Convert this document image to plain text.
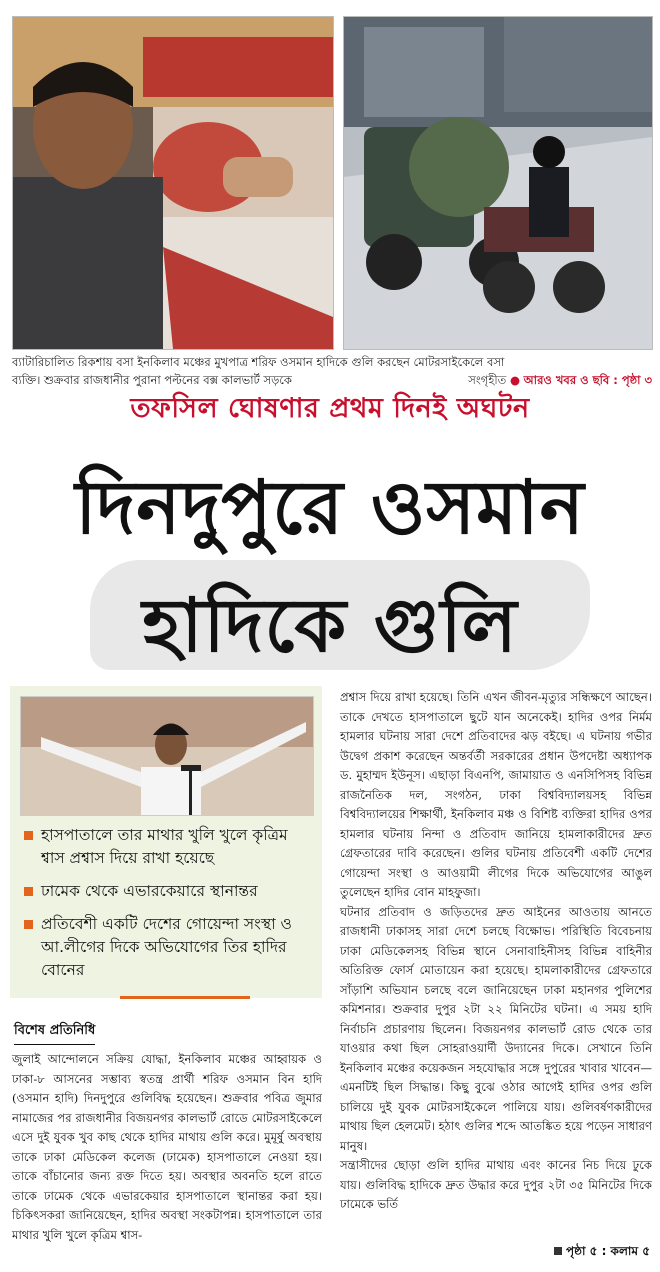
ব্যাটারিচালিত রিকশায় বসা ইনকিলাব মঞ্চের মুখপাত্র শরিফ ওসমান হাদিকে গুলি করছেন মোটরসাইকেলে বসা
ব্যক্তি। শুক্রবার রাজধানীর পুরানা পল্টনের বক্স কালভার্ট সড়কে	সংগৃহীত ● আরও খবর ও ছবি : পৃষ্ঠা ৩
তফসিল ঘোষণার প্রথম দিনই অঘটন
দিনদুপুরে ওসমান
হাদিকে গুলি
হাসপাতালে তার মাথার খুলি খুলে কৃত্রিম শ্বাস প্রশ্বাস দিয়ে রাখা হয়েছে
ঢামেক থেকে এভারকেয়ারে স্থানান্তর
প্রতিবেশী একটি দেশের গোয়েন্দা সংস্থা ও আ.লীগের দিকে অভিযোগের তির হাদির বোনের
বিশেষ প্রতিনিধি

জুলাই আন্দোলনে সক্রিয় যোদ্ধা, ইনকিলাব মঞ্চের আহ্বায়ক ও ঢাকা-৮ আসনের সম্ভাব্য স্বতন্ত্র প্রার্থী শরিফ ওসমান বিন হাদি (ওসমান হাদি) দিনদুপুরে গুলিবিদ্ধ হয়েছেন। শুক্রবার পবিত্র জুমার নামাজের পর রাজধানীর বিজয়নগর কালভার্ট রোডে মোটরসাইকেলে এসে দুই যুবক খুব কাছ থেকে হাদির মাথায় গুলি করে। মুমূর্ষু অবস্থায় তাকে ঢাকা মেডিকেল কলেজ (ঢামেক) হাসপাতালে নেওয়া হয়। তাকে বাঁচানোর জন্য রক্ত দিতে হয়। অবস্থার অবনতি হলে রাতে তাকে ঢামেক থেকে এভারকেয়ার হাসপাতালে স্থানান্তর করা হয়। চিকিৎসকরা জানিয়েছেন, হাদির অবস্থা সংকটাপন্ন। হাসপাতালে তার মাথার খুলি খুলে কৃত্রিম শ্বাস-

প্রশ্বাস দিয়ে রাখা হয়েছে। তিনি এখন জীবন-মৃত্যুর সন্ধিক্ষণে আছেন। তাকে দেখতে হাসপাতালে ছুটে যান অনেকেই। হাদির ওপর নির্মম হামলার ঘটনায় সারা দেশে প্রতিবাদের ঝড় বইছে। এ ঘটনায় গভীর উদ্বেগ প্রকাশ করেছেন অন্তর্বর্তী সরকারের প্রধান উপদেষ্টা অধ্যাপক ড. মুহাম্মদ ইউনূস। এছাড়া বিএনপি, জামায়াত ও এনসিপিসহ বিভিন্ন রাজনৈতিক দল, সংগঠন, ঢাকা বিশ্ববিদ্যালয়সহ বিভিন্ন বিশ্ববিদ্যালয়ের শিক্ষার্থী, ইনকিলাব মঞ্চ ও বিশিষ্ট ব্যক্তিরা হাদির ওপর হামলার ঘটনায় নিন্দা ও প্রতিবাদ জানিয়ে হামলাকারীদের দ্রুত গ্রেফতারের দাবি করেছেন। গুলির ঘটনায় প্রতিবেশী একটি দেশের গোয়েন্দা সংস্থা ও আওয়ামী লীগের দিকে অভিযোগের আঙুল তুলেছেন হাদির বোন মাহফুজা।

ঘটনার প্রতিবাদ ও জড়িতদের দ্রুত আইনের আওতায় আনতে রাজধানী ঢাকাসহ সারা দেশে চলছে বিক্ষোভ। পরিস্থিতি বিবেচনায় ঢাকা মেডিকেলসহ বিভিন্ন স্থানে সেনাবাহিনীসহ বিভিন্ন বাহিনীর অতিরিক্ত ফোর্স মোতায়েন করা হয়েছে। হামলাকারীদের গ্রেফতারে সাঁড়াশি অভিযান চলছে বলে জানিয়েছেন ঢাকা মহানগর পুলিশের কমিশনার। শুক্রবার দুপুর ২টা ২২ মিনিটের ঘটনা। এ সময় হাদি নির্বাচনি প্রচারণায় ছিলেন। বিজয়নগর কালভার্ট রোড থেকে তার যাওয়ার কথা ছিল সোহরাওয়ার্দী উদ্যানের দিকে। সেখানে তিনি ইনকিলাব মঞ্চের কয়েকজন সহযোদ্ধার সঙ্গে দুপুরের খাবার খাবেন—এমনটিই ছিল সিদ্ধান্ত। কিছু বুঝে ওঠার আগেই হাদির ওপর গুলি চালিয়ে দুই যুবক মোটরসাইকেলে পালিয়ে যায়। গুলিবর্ষণকারীদের মাথায় ছিল হেলমেট। হঠাৎ গুলির শব্দে আতঙ্কিত হয়ে পড়েন সাধারণ মানুষ।

সন্ত্রাসীদের ছোড়া গুলি হাদির মাথায় এবং কানের নিচ দিয়ে ঢুকে যায়। গুলিবিদ্ধ হাদিকে দ্রুত উদ্ধার করে দুপুর ২টা ৩৫ মিনিটের দিকে ঢামেকে ভর্তি

পৃষ্ঠা ৫ : কলাম ৫
